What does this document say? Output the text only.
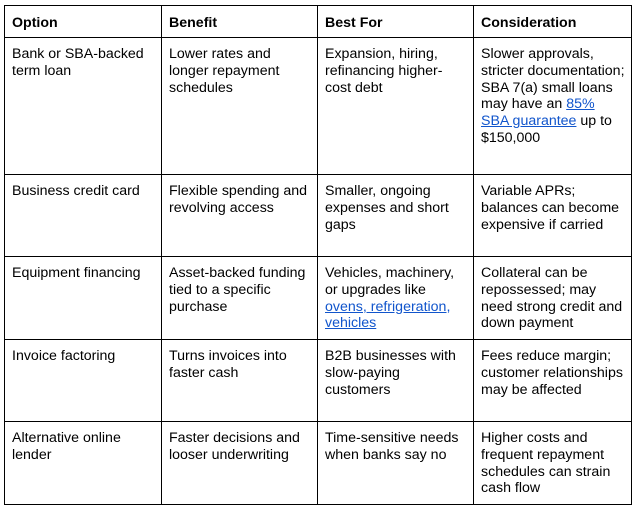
Option	Benefit	Best For	Consideration
Bank or SBA-backed term loan	Lower rates and longer repayment schedules	Expansion, hiring, refinancing higher-cost debt	Slower approvals, stricter documentation; SBA 7(a) small loans may have an 85% SBA guarantee up to $150,000
Business credit card	Flexible spending and revolving access	Smaller, ongoing expenses and short gaps	Variable APRs; balances can become expensive if carried
Equipment financing	Asset-backed funding tied to a specific purchase	Vehicles, machinery, or upgrades like ovens, refrigeration, vehicles	Collateral can be repossessed; may need strong credit and down payment
Invoice factoring	Turns invoices into faster cash	B2B businesses with slow-paying customers	Fees reduce margin; customer relationships may be affected
Alternative online lender	Faster decisions and looser underwriting	Time-sensitive needs when banks say no	Higher costs and frequent repayment schedules can strain cash flow
